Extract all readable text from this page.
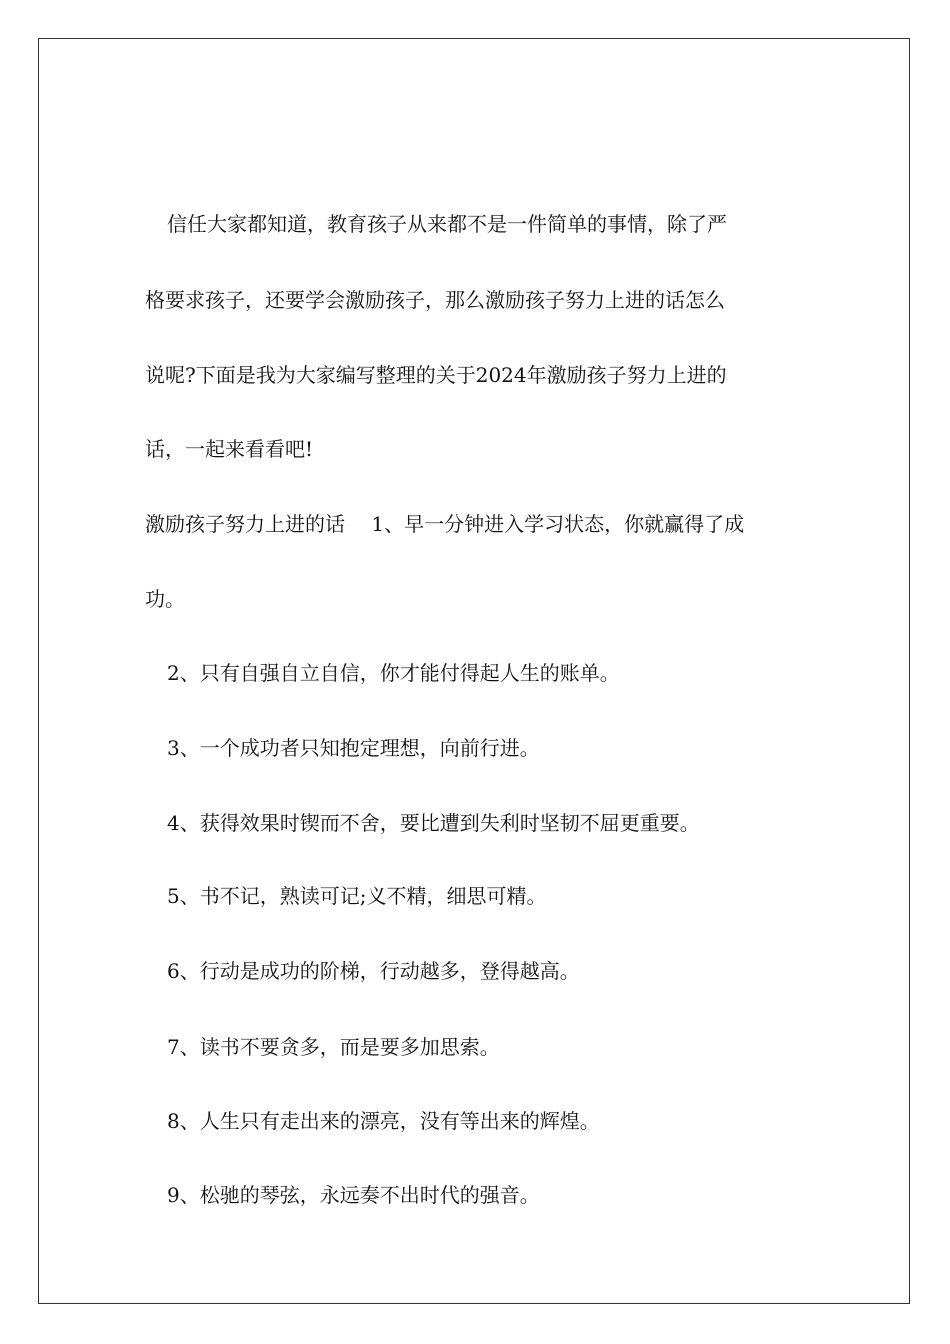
信任大家都知道，教育孩子从来都不是一件简单的事情，除了严
格要求孩子，还要学会激励孩子，那么激励孩子努力上进的话怎么
说呢?下面是我为大家编写整理的关于2024年激励孩子努力上进的
话，一起来看看吧!
激励孩子努力上进的话 1、早一分钟进入学习状态，你就赢得了成
功。
2、只有自强自立自信，你才能付得起人生的账单。
3、一个成功者只知抱定理想，向前行进。
4、获得效果时锲而不舍，要比遭到失利时坚韧不屈更重要。
5、书不记，熟读可记;义不精，细思可精。
6、行动是成功的阶梯，行动越多，登得越高。
7、读书不要贪多，而是要多加思索。
8、人生只有走出来的漂亮，没有等出来的辉煌。
9、松驰的琴弦，永远奏不出时代的强音。
